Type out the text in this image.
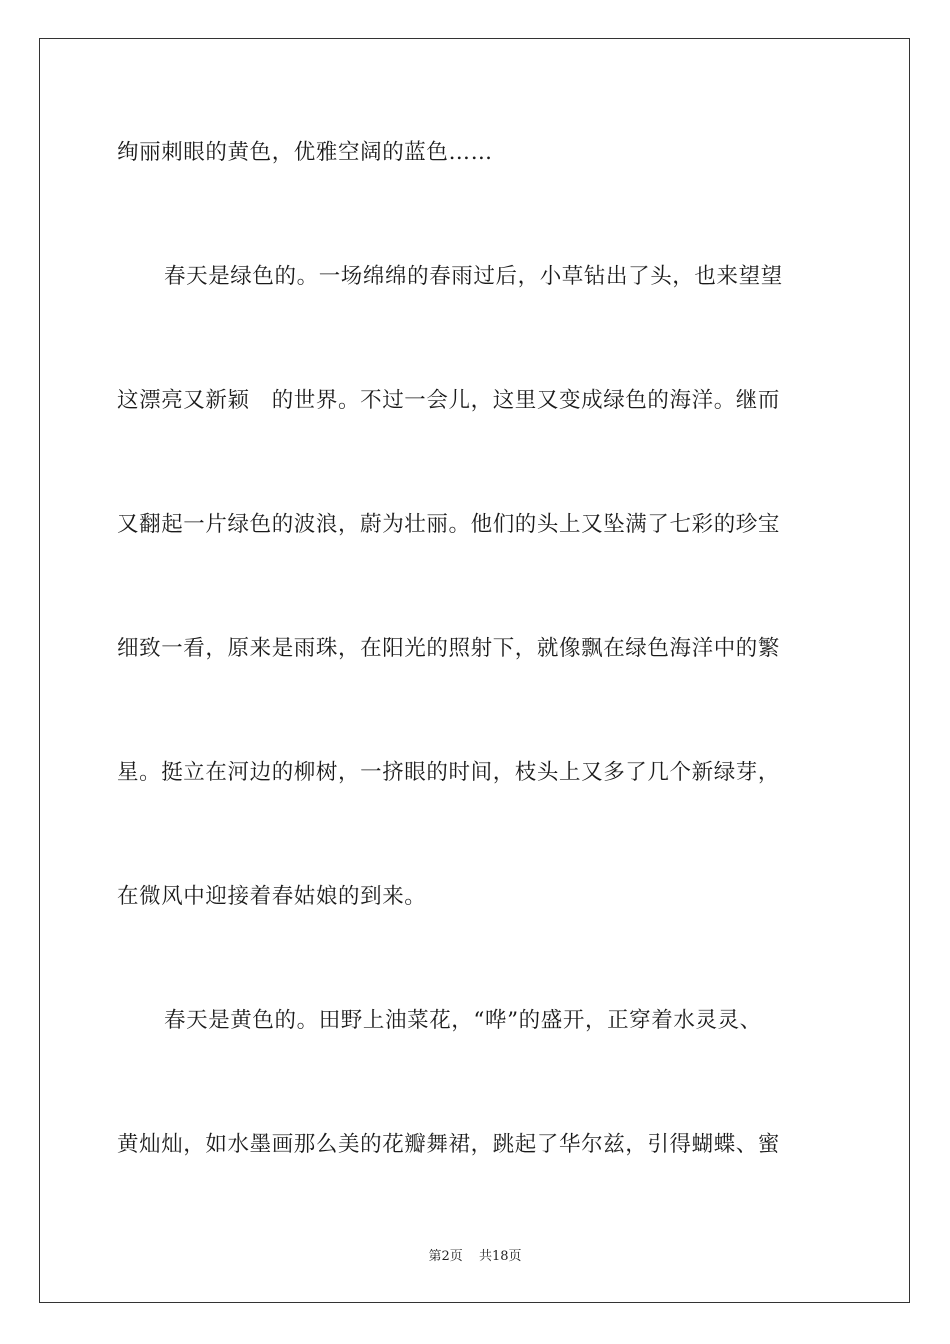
绚丽刺眼的黄色，优雅空阔的蓝色……
春天是绿色的。一场绵绵的春雨过后，小草钻出了头，也来望望
这漂亮又新颖　的世界。不过一会儿，这里又变成绿色的海洋。继而
又翻起一片绿色的波浪，蔚为壮丽。他们的头上又坠满了七彩的珍宝
细致一看，原来是雨珠，在阳光的照射下，就像飘在绿色海洋中的繁
星。挺立在河边的柳树，一挤眼的时间，枝头上又多了几个新绿芽，
在微风中迎接着春姑娘的到来。
春天是黄色的。田野上油菜花，“哗”的盛开，正穿着水灵灵、
黄灿灿，如水墨画那么美的花瓣舞裙，跳起了华尔兹，引得蝴蝶、蜜
第2页 共18页
